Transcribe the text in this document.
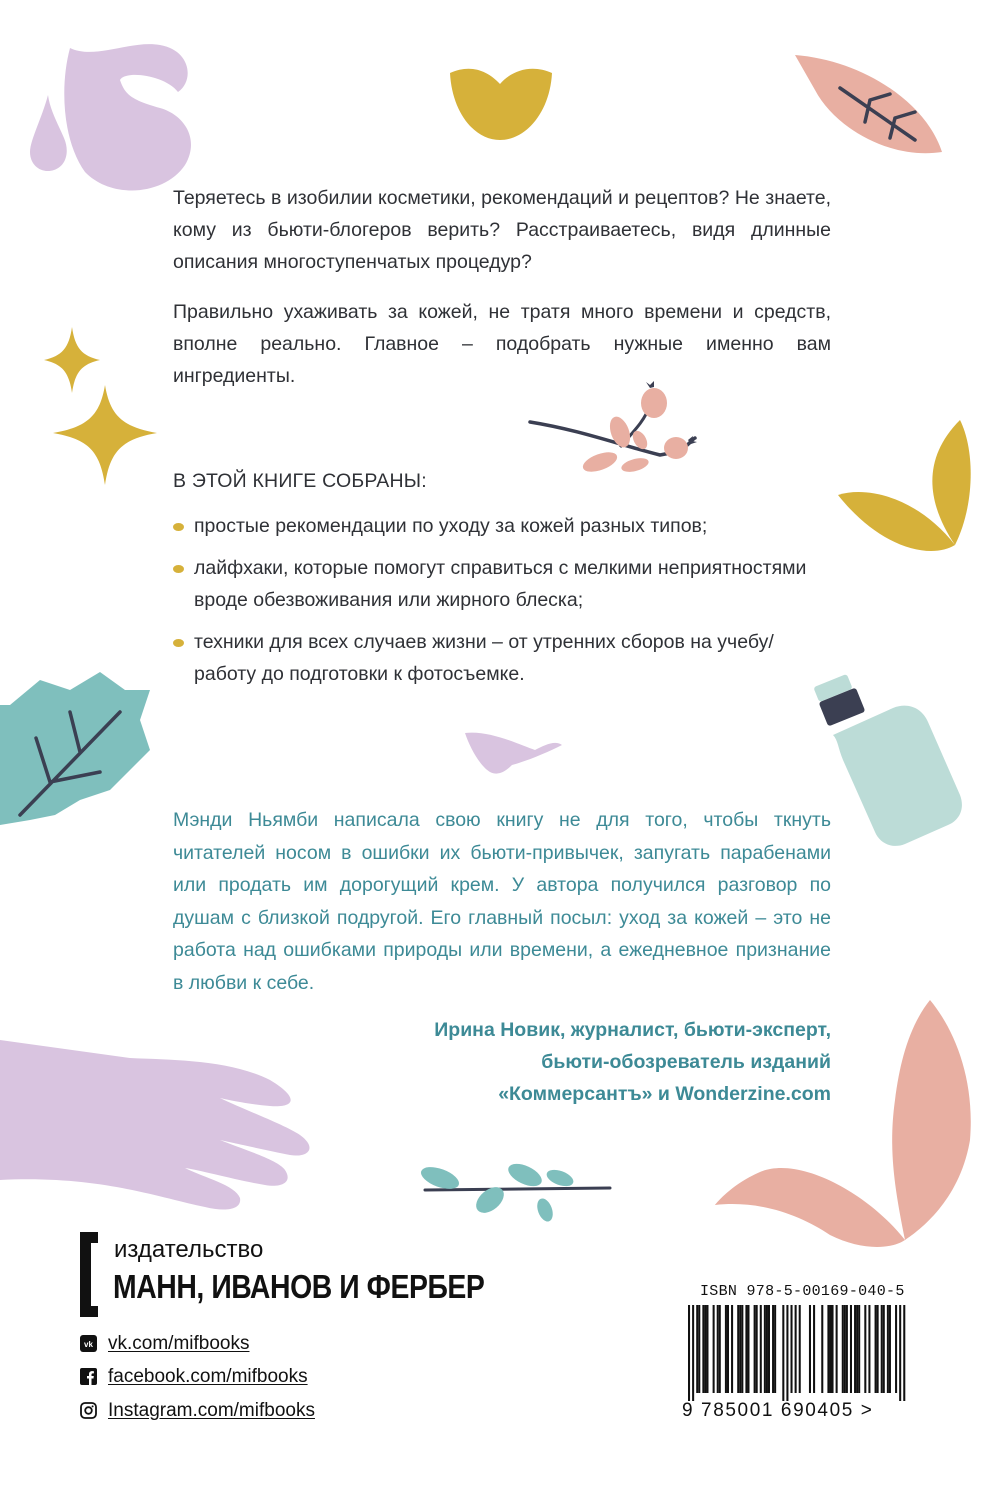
Теряетесь в изобилии косметики, рекомендаций и рецептов? Не знаете, кому из бьюти-блогеров верить? Расстраиваетесь, видя длинные описания многоступенчатых процедур?

Правильно ухаживать за кожей, не тратя много времени и средств, вполне реально. Главное – подобрать нужные именно вам ингредиенты.

В ЭТОЙ КНИГЕ СОБРАНЫ:
простые рекомендации по уходу за кожей разных типов;
лайфхаки, которые помогут справиться с мелкими неприятностями вроде обезвоживания или жирного блеска;
техники для всех случаев жизни – от утренних сборов на учебу/работу до подготовки к фотосъемке.

Мэнди Ньямби написала свою книгу не для того, чтобы ткнуть читателей носом в ошибки их бьюти-привычек, запугать парабенами или продать им дорогущий крем. У автора получился разговор по душам с близкой подругой. Его главный посыл: уход за кожей – это не работа над ошибками природы или времени, а ежедневное признание в любви к себе.

Ирина Новик, журналист, бьюти-эксперт,
бьюти-обозреватель изданий
«Коммерсантъ» и Wonderzine.com
издательство
МАНН, ИВАНОВ И ФЕРБЕР
vk vk.com/mifbooks
facebook.com/mifbooks
Instagram.com/mifbooks
ISBN 978-5-00169-040-5
9 785001 690405 >
